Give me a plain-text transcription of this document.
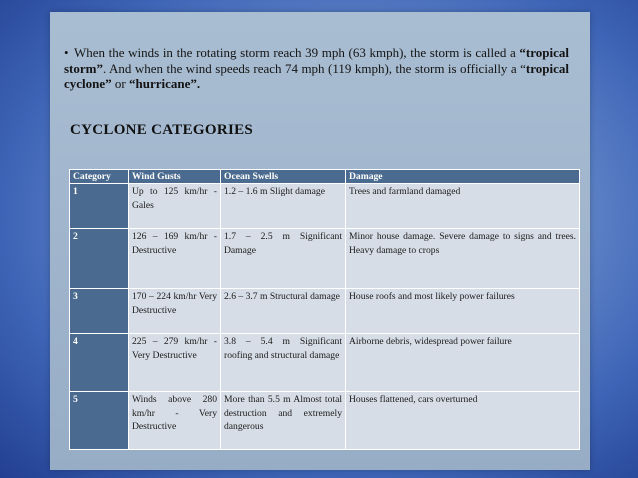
• When the winds in the rotating storm reach 39 mph (63 kmph), the storm is called a “tropical storm”. And when the wind speeds reach 74 mph (119 kmph), the storm is officially a “tropical cyclone” or “hurricane”.

CYCLONE CATEGORIES
Category	Wind Gusts	Ocean Swells	Damage
1	Up to 125 km/hr - Gales	1.2 – 1.6 m Slight damage	Trees and farmland damaged
2	126 – 169 km/hr - Destructive	1.7 – 2.5 m Significant Damage	Minor house damage. Severe damage to signs and trees. Heavy damage to crops
3	170 – 224 km/hr Very Destructive	2.6 – 3.7 m Structural damage	House roofs and most likely power failures
4	225 – 279 km/hr - Very Destructive	3.8 – 5.4 m Significant roofing and structural damage	Airborne debris, widespread power failure
5	Winds above 280 km/hr - Very Destructive	More than 5.5 m Almost total destruction and extremely dangerous	Houses flattened, cars overturned
